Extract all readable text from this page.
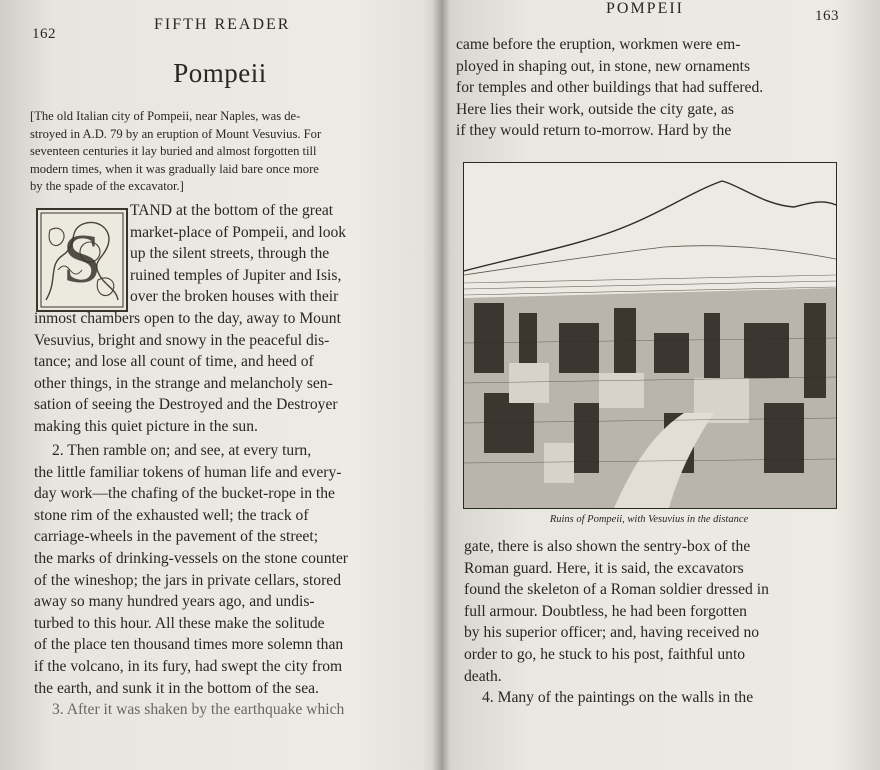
162
FIFTH READER
Pompeii
[The old Italian city of Pompeii, near Naples, was de-
stroyed in A.D. 79 by an eruption of Mount Vesuvius. For
seventeen centuries it lay buried and almost forgotten till
modern times, when it was gradually laid bare once more
by the spade of the excavator.]
S
TAND at the bottom of the great
market-place of Pompeii, and look
up the silent streets, through the
ruined temples of Jupiter and Isis,
over the broken houses with their
inmost chambers open to the day, away to Mount
Vesuvius, bright and snowy in the peaceful dis-
tance; and lose all count of time, and heed of
other things, in the strange and melancholy sen-
sation of seeing the Destroyed and the Destroyer
making this quiet picture in the sun.
2. Then ramble on; and see, at every turn,
the little familiar tokens of human life and every-
day work—the chafing of the bucket-rope in the
stone rim of the exhausted well; the track of
carriage-wheels in the pavement of the street;
the marks of drinking-vessels on the stone counter
of the wineshop; the jars in private cellars, stored
away so many hundred years ago, and undis-
turbed to this hour. All these make the solitude
of the place ten thousand times more solemn than
if the volcano, in its fury, had swept the city from
the earth, and sunk it in the bottom of the sea.
3. After it was shaken by the earthquake which
163
POMPEII
came before the eruption, workmen were em-
ployed in shaping out, in stone, new ornaments
for temples and other buildings that had suffered.
Here lies their work, outside the city gate, as
if they would return to-morrow. Hard by the
Ruins of Pompeii, with Vesuvius in the distance
gate, there is also shown the sentry-box of the
Roman guard. Here, it is said, the excavators
found the skeleton of a Roman soldier dressed in
full armour. Doubtless, he had been forgotten
by his superior officer; and, having received no
order to go, he stuck to his post, faithful unto
death.
4. Many of the paintings on the walls in the
